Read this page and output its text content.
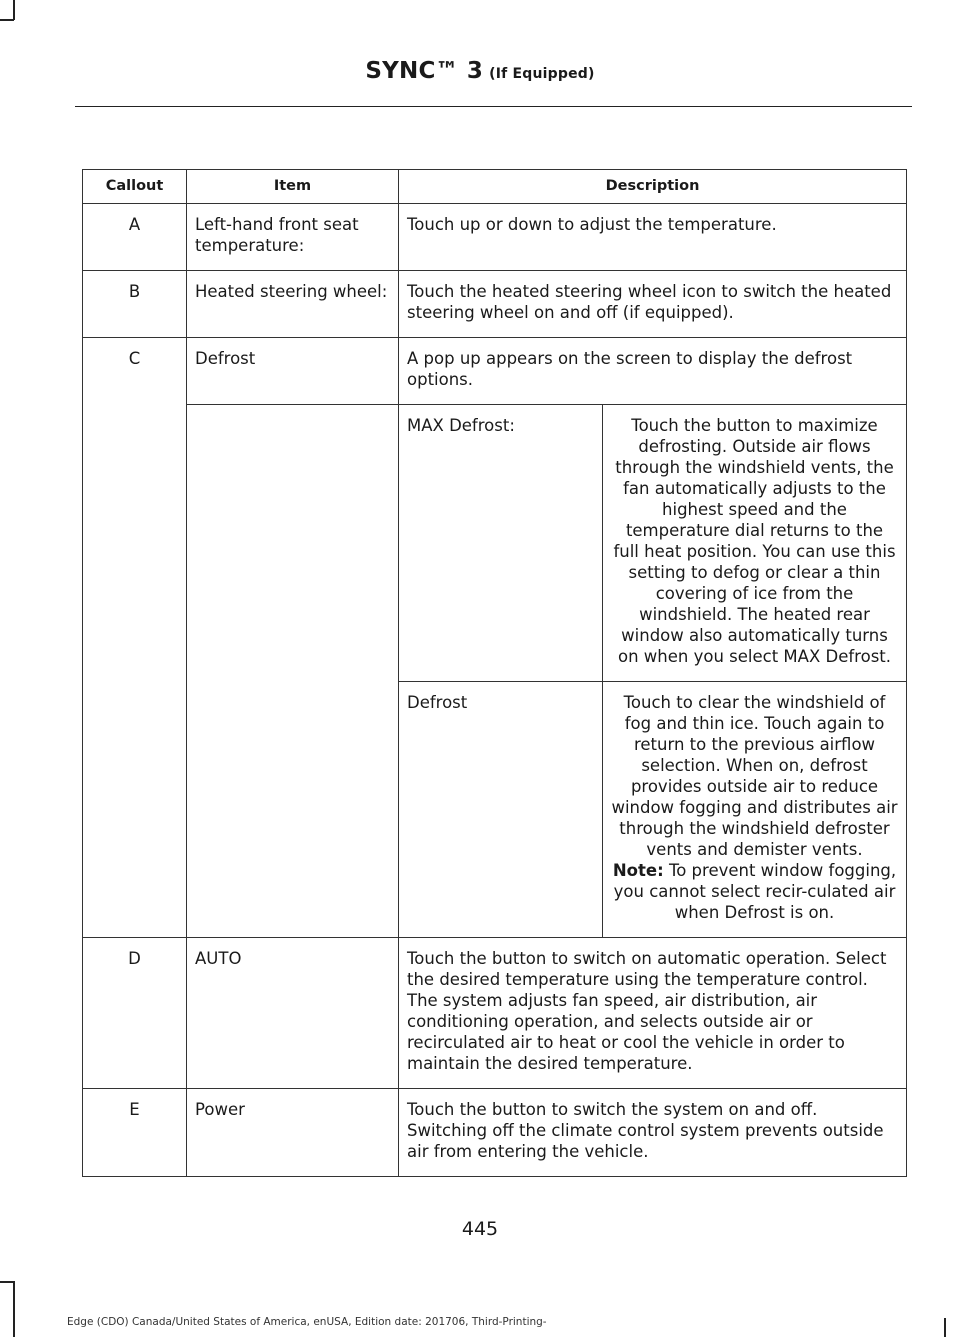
SYNC™ 3 (If Equipped)
Callout	Item	Description	
A	Left-hand front seat temperature:	Touch up or down to adjust the temperature.	
B	Heated steering wheel:	Touch the heated steering wheel icon to switch the heated steering wheel on and off (if equipped).	
C	Defrost	A pop up appears on the screen to display the defrost options.	
		MAX Defrost:	Touch the button to maximize defrosting. Outside air flows through the windshield vents, the fan automatically adjusts to the highest speed and the temperature dial returns to the full heat position. You can use this setting to defog or clear a thin covering of ice from the windshield. The heated rear window also automatically turns on when you select MAX Defrost.
		Defrost	Touch to clear the windshield of fog and thin ice. Touch again to return to the previous airflow selection. When on, defrost provides outside air to reduce window fogging and distributes air through the windshield defroster vents and demister vents.
Note: To prevent window fogging, you cannot select recir-culated air when Defrost is on.

D	AUTO	Touch the button to switch on automatic operation. Select the desired temperature using the temperature control. The system adjusts fan speed, air distribution, air conditioning operation, and selects outside air or recirculated air to heat or cool the vehicle in order to maintain the desired temperature.	
E	Power	Touch the button to switch the system on and off. Switching off the climate control system prevents outside air from entering the vehicle.	
445
Edge (CDO) Canada/United States of America, enUSA, Edition date: 201706, Third-Printing-
